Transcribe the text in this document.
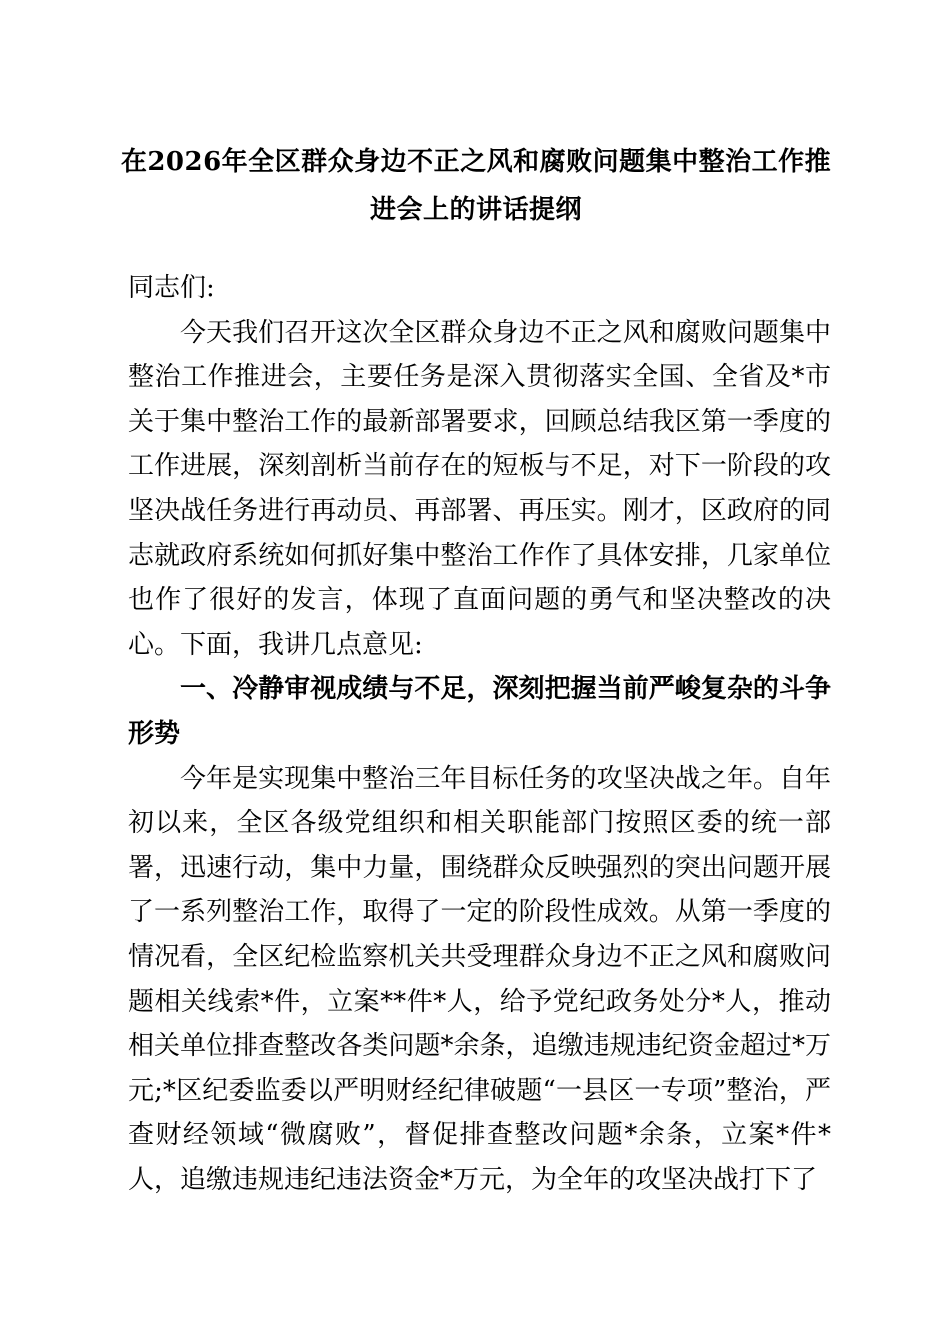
在2026年全区群众身边不正之风和腐败问题集中整治工作推进会上的讲话提纲

同志们:

今天我们召开这次全区群众身边不正之风和腐败问题集中整治工作推进会，主要任务是深入贯彻落实全国、全省及*市关于集中整治工作的最新部署要求，回顾总结我区第一季度的工作进展，深刻剖析当前存在的短板与不足，对下一阶段的攻坚决战任务进行再动员、再部署、再压实。刚才，区政府的同志就政府系统如何抓好集中整治工作作了具体安排，几家单位也作了很好的发言，体现了直面问题的勇气和坚决整改的决心。下面，我讲几点意见:

一、冷静审视成绩与不足，深刻把握当前严峻复杂的斗争形势

今年是实现集中整治三年目标任务的攻坚决战之年。自年初以来，全区各级党组织和相关职能部门按照区委的统一部署，迅速行动，集中力量，围绕群众反映强烈的突出问题开展了一系列整治工作，取得了一定的阶段性成效。从第一季度的情况看，全区纪检监察机关共受理群众身边不正之风和腐败问题相关线索*件，立案**件*人，给予党纪政务处分*人，推动相关单位排查整改各类问题*余条，追缴违规违纪资金超过*万元;*区纪委监委以严明财经纪律破题“一县区一专项”整治，严查财经领域“微腐败”，督促排查整改问题*余条，立案*件*人，追缴违规违纪违法资金*万元，为全年的攻坚决战打下了
